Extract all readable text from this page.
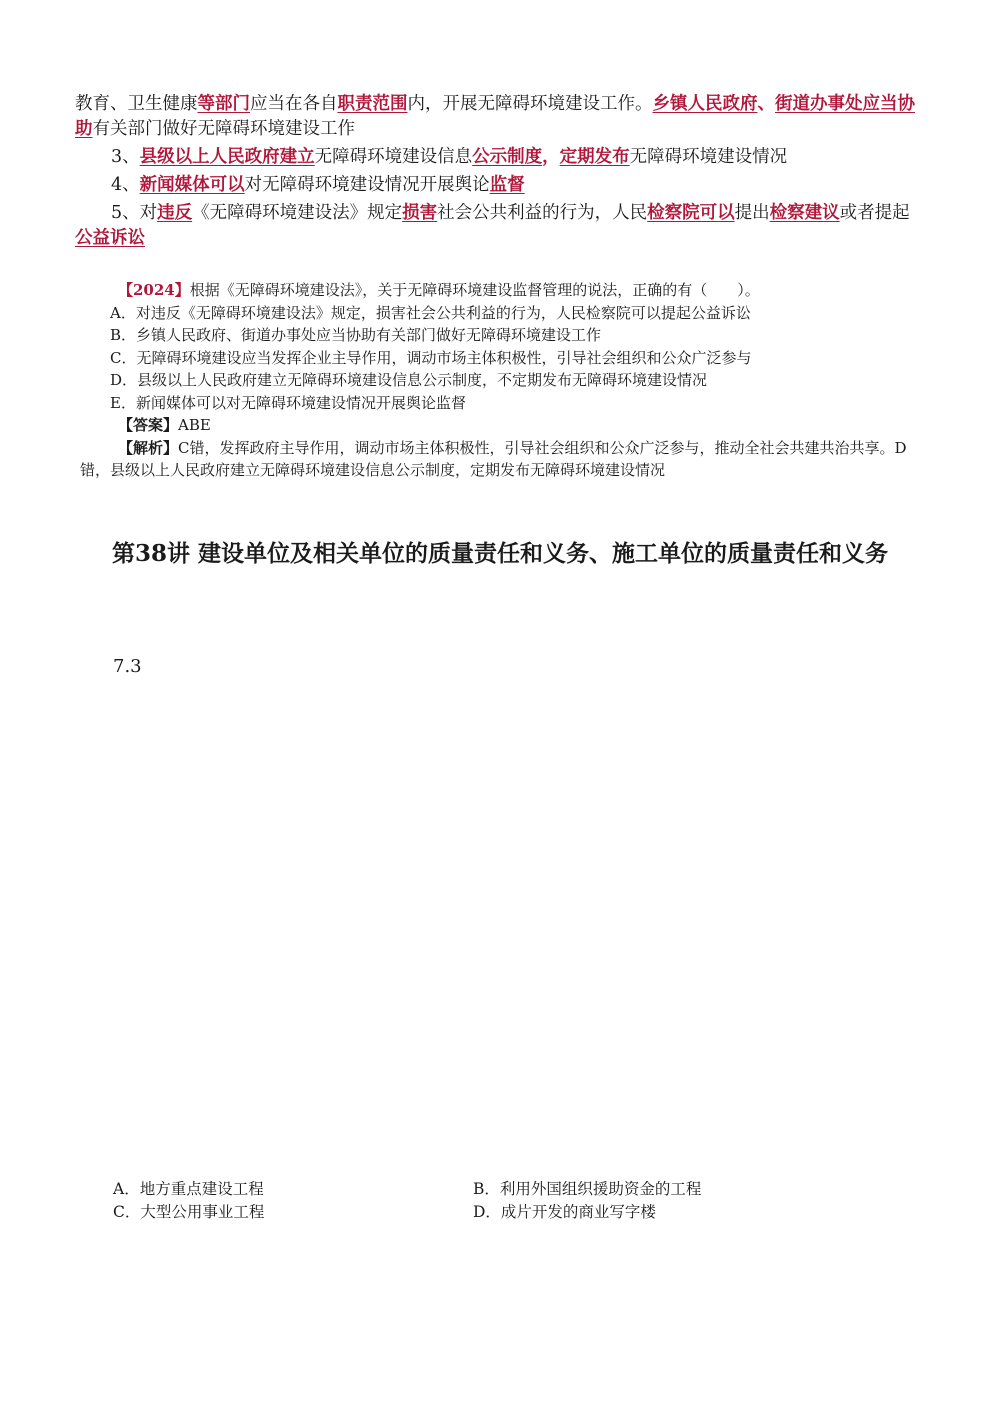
教育、卫生健康等部门应当在各自职责范围内，开展无障碍环境建设工作。乡镇人民政府、街道办事处应当协助有关部门做好无障碍环境建设工作

3、县级以上人民政府建立无障碍环境建设信息公示制度，定期发布无障碍环境建设情况

4、新闻媒体可以对无障碍环境建设情况开展舆论监督

5、对违反《无障碍环境建设法》规定损害社会公共利益的行为，人民检察院可以提出检察建议或者提起公益诉讼

【2024】根据《无障碍环境建设法》，关于无障碍环境建设监督管理的说法，正确的有（　　）。

A．对违反《无障碍环境建设法》规定，损害社会公共利益的行为，人民检察院可以提起公益诉讼

B．乡镇人民政府、街道办事处应当协助有关部门做好无障碍环境建设工作

C．无障碍环境建设应当发挥企业主导作用，调动市场主体积极性，引导社会组织和公众广泛参与

D．县级以上人民政府建立无障碍环境建设信息公示制度，不定期发布无障碍环境建设情况

E．新闻媒体可以对无障碍环境建设情况开展舆论监督

【答案】ABE

【解析】C错，发挥政府主导作用，调动市场主体积极性，引导社会组织和公众广泛参与，推动全社会共建共治共享。D错，县级以上人民政府建立无障碍环境建设信息公示制度，定期发布无障碍环境建设情况

第38讲 建设单位及相关单位的质量责任和义务、施工单位的质量责任和义务
7.3
A．地方重点建设工程	B．利用外国组织援助资金的工程
C．大型公用事业工程	D．成片开发的商业写字楼
